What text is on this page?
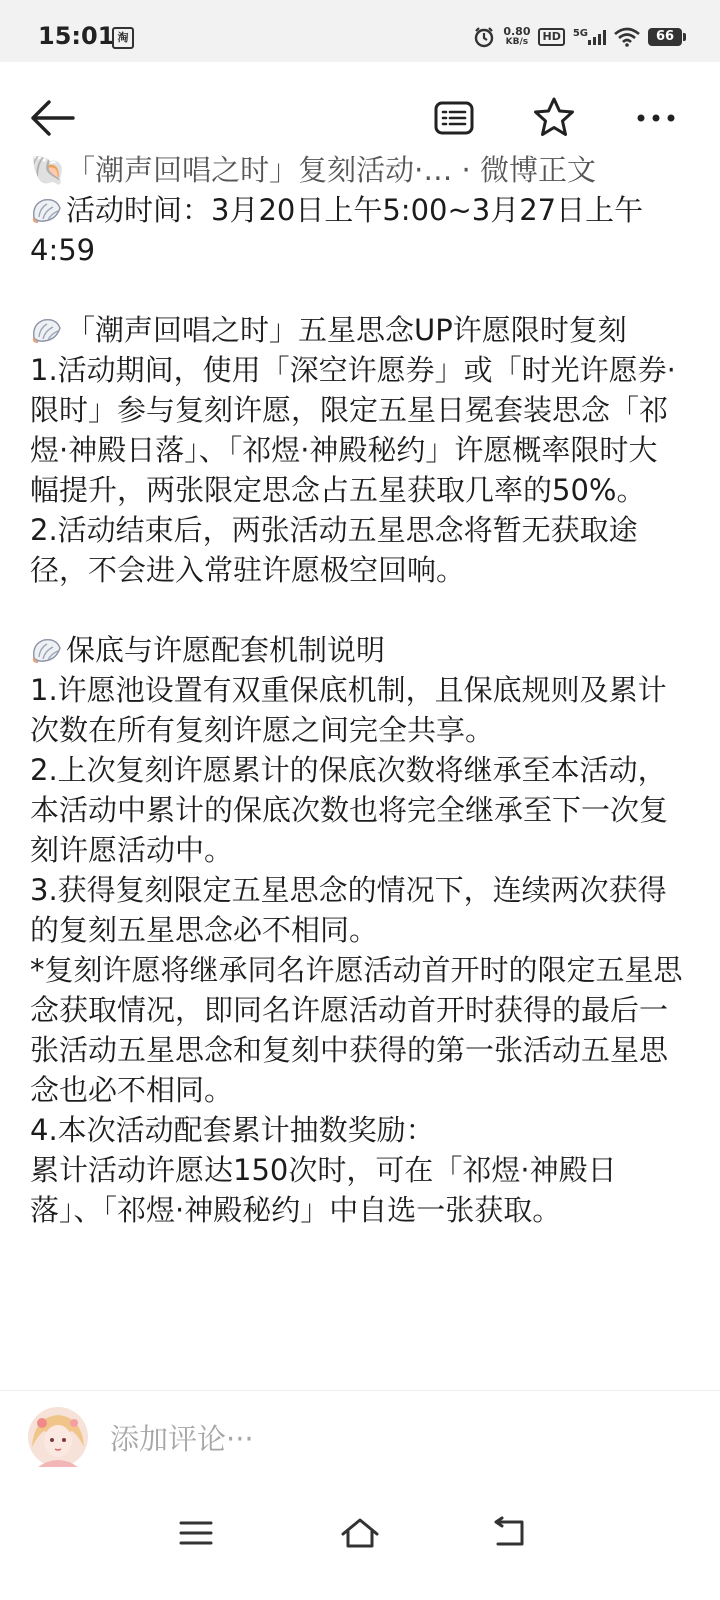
15:01 淘	0.80
KB/s	HD	5G	66

🐚「潮声回唱之时」复刻活动·… · 微博正文

活动时间：3月20日上午5:00~3月27日上午4:59

「潮声回唱之时」五星思念UP许愿限时复刻

1.活动期间，使用「深空许愿券」或「时光许愿券·限时」参与复刻许愿，限定五星日冕套装思念「祁煜·神殿日落」、「祁煜·神殿秘约」许愿概率限时大幅提升，两张限定思念占五星获取几率的50%。

2.活动结束后，两张活动五星思念将暂无获取途径，不会进入常驻许愿极空回响。

保底与许愿配套机制说明

1.许愿池设置有双重保底机制，且保底规则及累计次数在所有复刻许愿之间完全共享。

2.上次复刻许愿累计的保底次数将继承至本活动，本活动中累计的保底次数也将完全继承至下一次复刻许愿活动中。

3.获得复刻限定五星思念的情况下，连续两次获得的复刻五星思念必不相同。

*复刻许愿将继承同名许愿活动首开时的限定五星思念获取情况，即同名许愿活动首开时获得的最后一张活动五星思念和复刻中获得的第一张活动五星思念也必不相同。

4.本次活动配套累计抽数奖励：

累计活动许愿达150次时，可在「祁煜·神殿日落」、「祁煜·神殿秘约」中自选一张获取。

添加评论···
